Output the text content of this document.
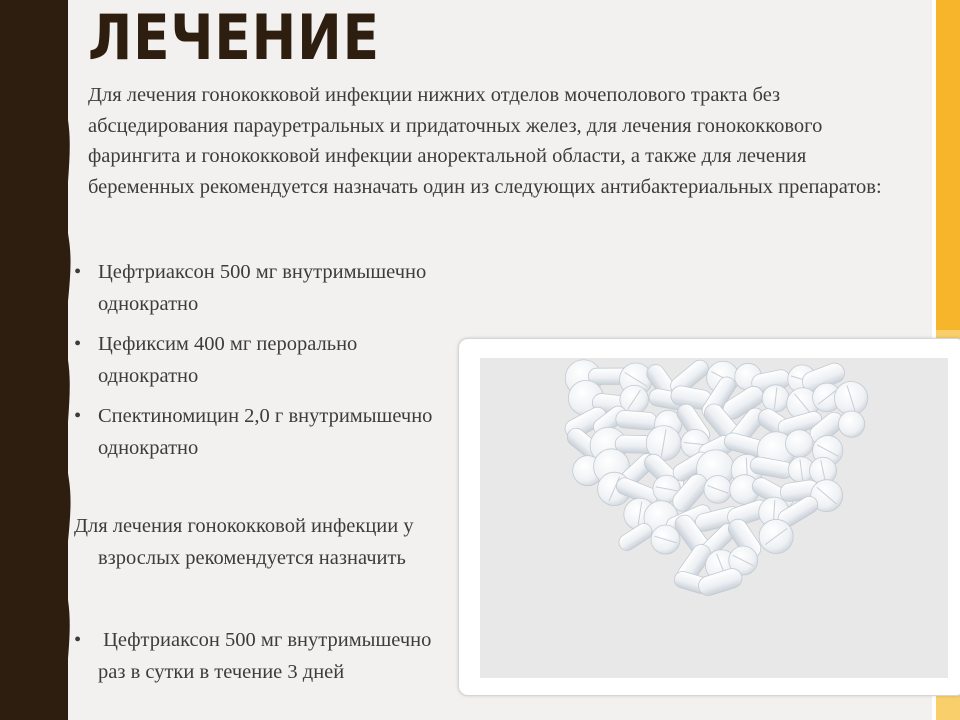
ЛЕЧЕНИЕ
Для лечения гонококковой инфекции нижних отделов мочеполового тракта без абсцедирования парауретральных и придаточных желез, для лечения гонококкового фарингита и гонококковой инфекции аноректальной области, а также для лечения беременных рекомендуется назначать один из следующих антибактериальных препаратов:
• Цефтриаксон 500 мг внутримышечно
однократно
• Цефиксим 400 мг перорально
однократно
• Спектиномицин 2,0 г внутримышечно
однократно
Для лечения гонококковой инфекции у
взрослых рекомендуется назначить
• Цефтриаксон 500 мг внутримышечно
раз в сутки в течение 3 дней
